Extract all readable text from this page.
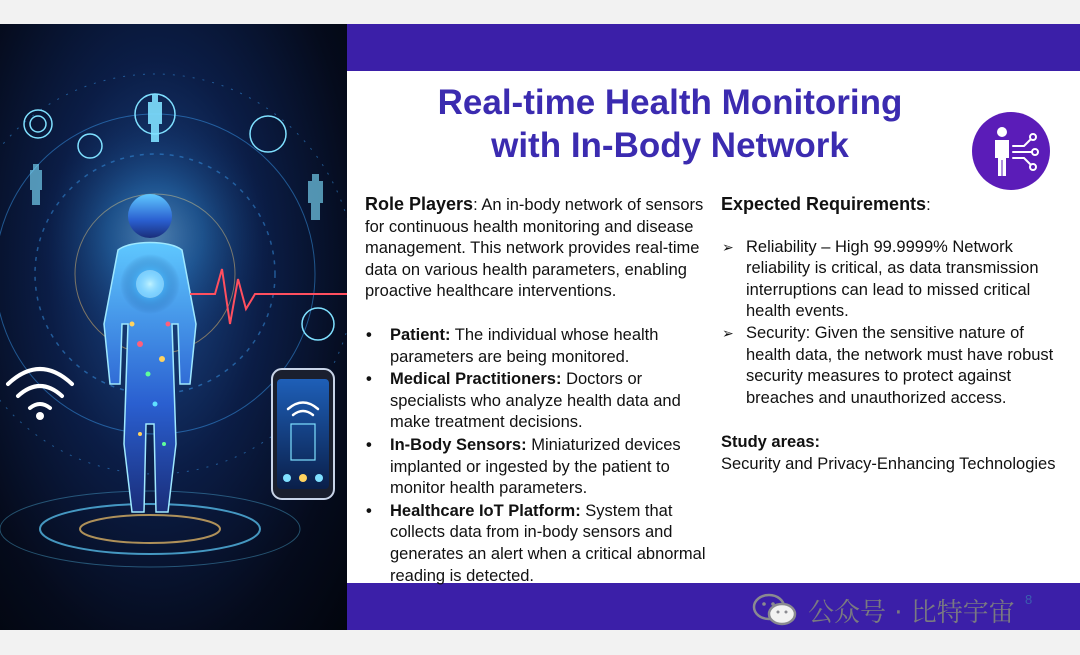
Real-time Health Monitoring
with In-Body Network

Role Players: An in-body network of sensors for continuous health monitoring and disease management. This network provides real-time data on various health parameters, enabling proactive healthcare interventions.

• Patient: The individual whose health parameters are being monitored.
• Medical Practitioners: Doctors or specialists who analyze health data and make treatment decisions.
• In-Body Sensors: Miniaturized devices implanted or ingested by the patient to monitor health parameters.
• Healthcare IoT Platform: System that collects data from in-body sensors and generates an alert when a critical abnormal reading is detected.
Expected Requirements:
➢ Reliability – High 99.9999% Network reliability is critical, as data transmission interruptions can lead to missed critical health events.
➢ Security: Given the sensitive nature of health data, the network must have robust security measures to protect against breaches and unauthorized access.
Study areas:

Security and Privacy-Enhancing Technologies

8
公众号 · 比特宇宙
